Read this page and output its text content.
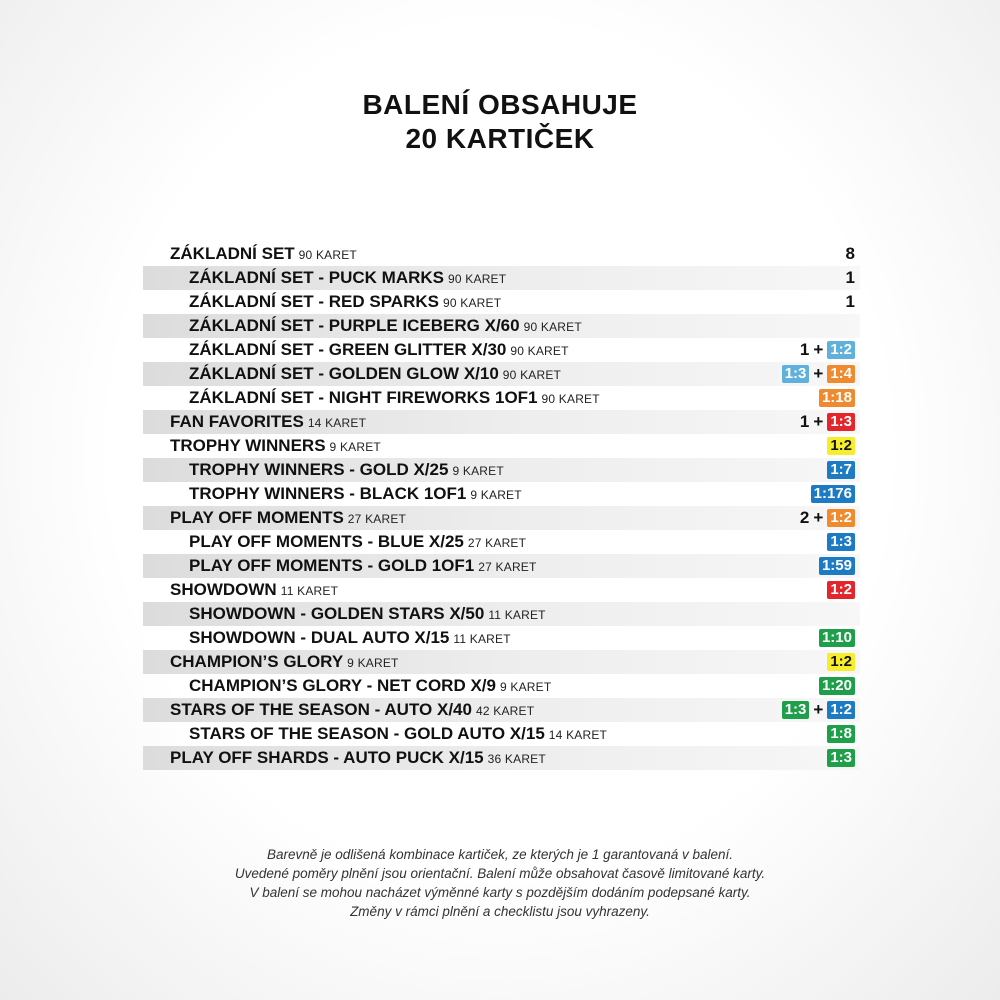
BALENÍ OBSAHUJE
20 KARTIČEK
ZÁKLADNÍ SET 90 KARET	8
ZÁKLADNÍ SET - PUCK MARKS 90 KARET	1
ZÁKLADNÍ SET - RED SPARKS 90 KARET	1
ZÁKLADNÍ SET - PURPLE ICEBERG X/60 90 KARET
ZÁKLADNÍ SET - GREEN GLITTER X/30 90 KARET	1 + 1:2
ZÁKLADNÍ SET - GOLDEN GLOW X/10 90 KARET	1:3 + 1:4
ZÁKLADNÍ SET - NIGHT FIREWORKS 1OF1 90 KARET	1:18
FAN FAVORITES 14 KARET	1 + 1:3
TROPHY WINNERS 9 KARET	1:2
TROPHY WINNERS - GOLD X/25 9 KARET	1:7
TROPHY WINNERS - BLACK 1OF1 9 KARET	1:176
PLAY OFF MOMENTS 27 KARET	2 + 1:2
PLAY OFF MOMENTS - BLUE X/25 27 KARET	1:3
PLAY OFF MOMENTS - GOLD 1OF1 27 KARET	1:59
SHOWDOWN 11 KARET	1:2
SHOWDOWN - GOLDEN STARS X/50 11 KARET
SHOWDOWN - DUAL AUTO X/15 11 KARET	1:10
CHAMPION’S GLORY 9 KARET	1:2
CHAMPION’S GLORY - NET CORD X/9 9 KARET	1:20
STARS OF THE SEASON - AUTO X/40 42 KARET	1:3 + 1:2
STARS OF THE SEASON - GOLD AUTO X/15 14 KARET	1:8
PLAY OFF SHARDS - AUTO PUCK X/15 36 KARET	1:3
Barevně je odlišená kombinace kartiček, ze kterých je 1 garantovaná v balení.
Uvedené poměry plnění jsou orientační. Balení může obsahovat časově limitované karty.
V balení se mohou nacházet výměnné karty s pozdějším dodáním podepsané karty.
Změny v rámci plnění a checklistu jsou vyhrazeny.
